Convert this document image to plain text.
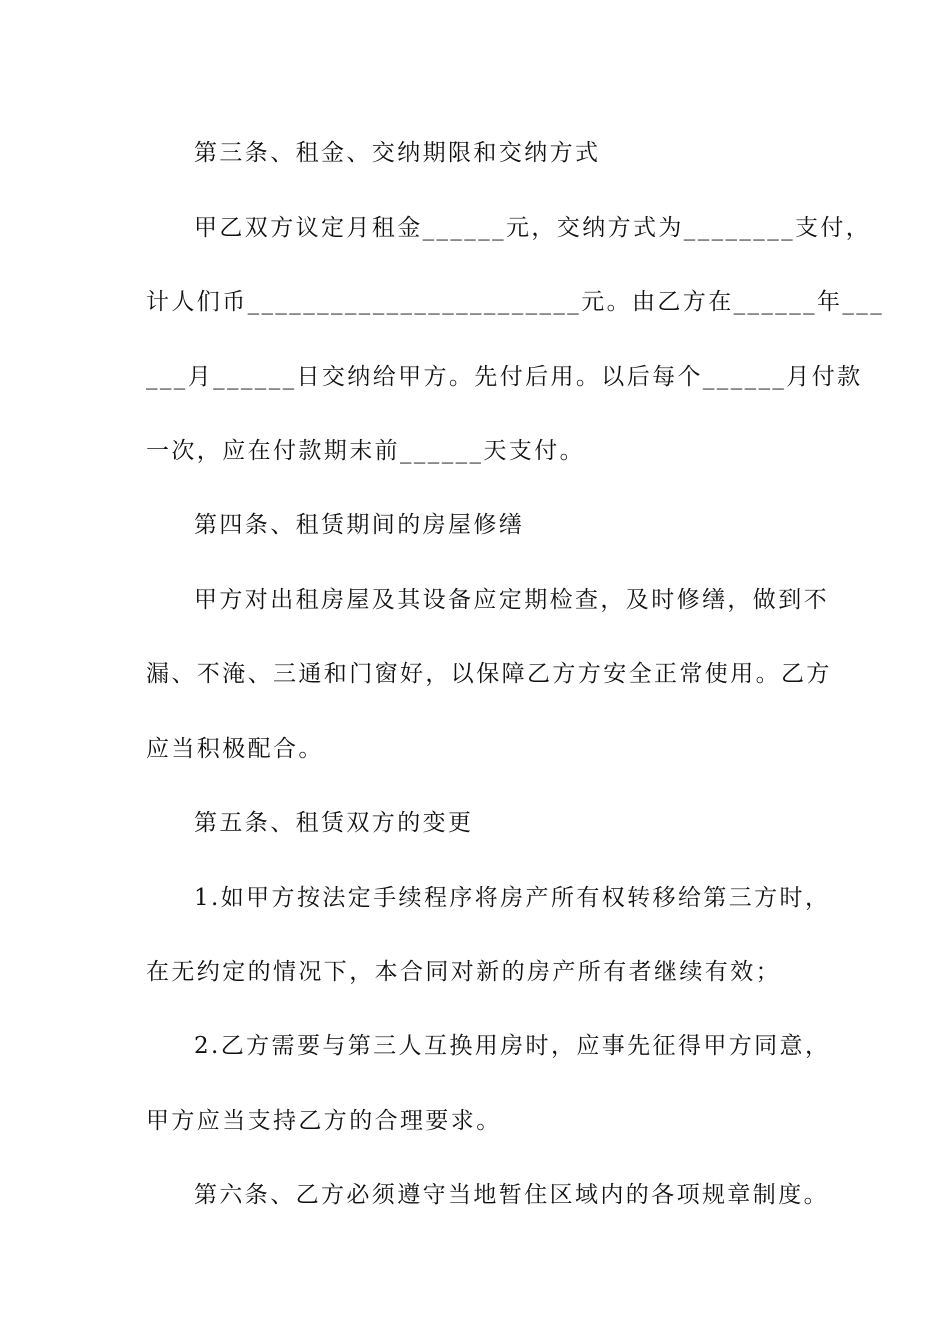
第三条、租金、交纳期限和交纳方式
甲乙双方议定月租金______元，交纳方式为________支付，
计人们币________________________元。由乙方在______年___
___月______日交纳给甲方。先付后用。以后每个______月付款
一次，应在付款期末前______天支付。
第四条、租赁期间的房屋修缮
甲方对出租房屋及其设备应定期检查，及时修缮，做到不
漏、不淹、三通和门窗好，以保障乙方方安全正常使用。乙方
应当积极配合。
第五条、租赁双方的变更
1.如甲方按法定手续程序将房产所有权转移给第三方时，
在无约定的情况下，本合同对新的房产所有者继续有效；
2.乙方需要与第三人互换用房时，应事先征得甲方同意，
甲方应当支持乙方的合理要求。
第六条、乙方必须遵守当地暂住区域内的各项规章制度。
